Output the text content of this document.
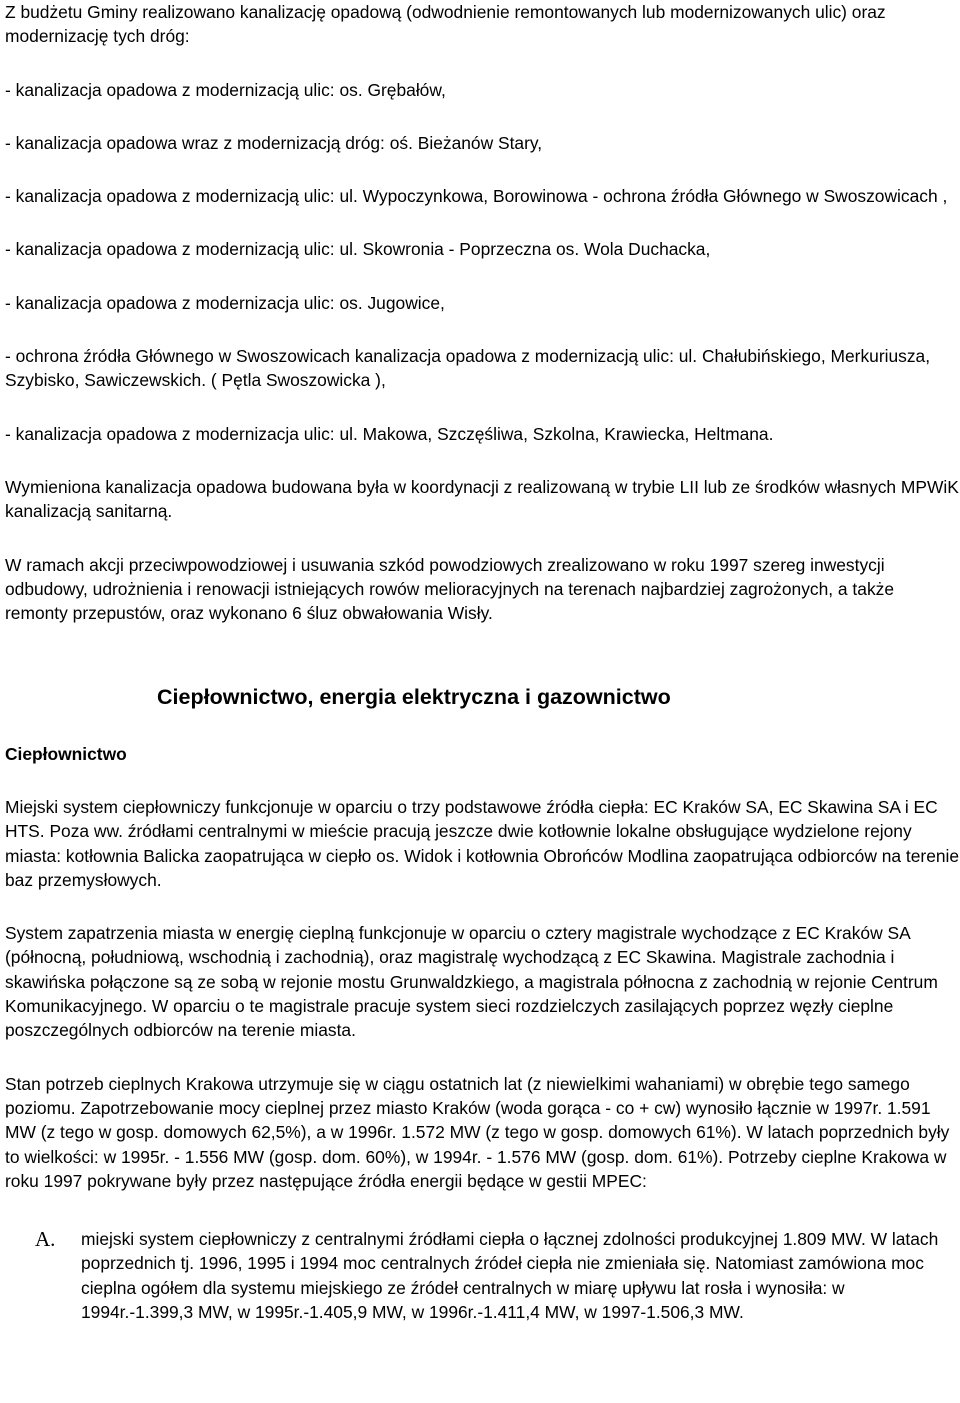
Z budżetu Gminy realizowano kanalizację opadową (odwodnienie remontowanych lub modernizowanych ulic) oraz modernizację tych dróg:

- kanalizacja opadowa z modernizacją ulic: os. Grębałów,

- kanalizacja opadowa wraz z modernizacją dróg: oś. Bieżanów Stary,

- kanalizacja opadowa z modernizacją ulic: ul. Wypoczynkowa, Borowinowa - ochrona źródła Głównego w Swoszowicach ,

- kanalizacja opadowa z modernizacją ulic: ul. Skowronia - Poprzeczna os. Wola Duchacka,

- kanalizacja opadowa z modernizacja ulic: os. Jugowice,

- ochrona źródła Głównego w Swoszowicach kanalizacja opadowa z modernizacją ulic: ul. Chałubińskiego, Merkuriusza, Szybisko, Sawiczewskich. ( Pętla Swoszowicka ),

- kanalizacja opadowa z modernizacja ulic: ul. Makowa, Szczęśliwa, Szkolna, Krawiecka, Heltmana.

Wymieniona kanalizacja opadowa budowana była w koordynacji z realizowaną w trybie LII lub ze środków własnych MPWiK kanalizacją sanitarną.

W ramach akcji przeciwpowodziowej i usuwania szkód powodziowych zrealizowano w roku 1997 szereg inwestycji odbudowy, udrożnienia i renowacji istniejących rowów melioracyjnych na terenach najbardziej zagrożonych, a także remonty przepustów, oraz wykonano 6 śluz obwałowania Wisły.

Ciepłownictwo, energia elektryczna i gazownictwo
Ciepłownictwo

Miejski system ciepłowniczy funkcjonuje w oparciu o trzy podstawowe źródła ciepła: EC Kraków SA, EC Skawina SA i EC HTS. Poza ww. źródłami centralnymi w mieście pracują jeszcze dwie kotłownie lokalne obsługujące wydzielone rejony miasta: kotłownia Balicka zaopatrująca w ciepło os. Widok i kotłownia Obrońców Modlina zaopatrująca odbiorców na terenie baz przemysłowych.

System zapatrzenia miasta w energię cieplną funkcjonuje w oparciu o cztery magistrale wychodzące z EC Kraków SA (północną, południową, wschodnią i zachodnią), oraz magistralę wychodzącą z EC Skawina. Magistrale zachodnia i skawińska połączone są ze sobą w rejonie mostu Grunwaldzkiego, a magistrala północna z zachodnią w rejonie Centrum Komunikacyjnego. W oparciu o te magistrale pracuje system sieci rozdzielczych zasilających poprzez węzły cieplne poszczególnych odbiorców na terenie miasta.

Stan potrzeb cieplnych Krakowa utrzymuje się w ciągu ostatnich lat (z niewielkimi wahaniami) w obrębie tego samego poziomu. Zapotrzebowanie mocy cieplnej przez miasto Kraków (woda gorąca - co + cw) wynosiło łącznie w 1997r. 1.591 MW (z tego w gosp. domowych 62,5%), a w 1996r. 1.572 MW (z tego w gosp. domowych 61%). W latach poprzednich były to wielkości: w 1995r. - 1.556 MW (gosp. dom. 60%), w 1994r. - 1.576 MW (gosp. dom. 61%). Potrzeby cieplne Krakowa w roku 1997 pokrywane były przez następujące źródła energii będące w gestii MPEC:

A. miejski system ciepłowniczy z centralnymi źródłami ciepła o łącznej zdolności produkcyjnej 1.809 MW. W latach poprzednich tj. 1996, 1995 i 1994 moc centralnych źródeł ciepła nie zmieniała się. Natomiast zamówiona moc cieplna ogółem dla systemu miejskiego ze źródeł centralnych w miarę upływu lat rosła i wynosiła: w 1994r.-1.399,3 MW, w 1995r.-1.405,9 MW, w 1996r.-1.411,4 MW, w 1997-1.506,3 MW.
